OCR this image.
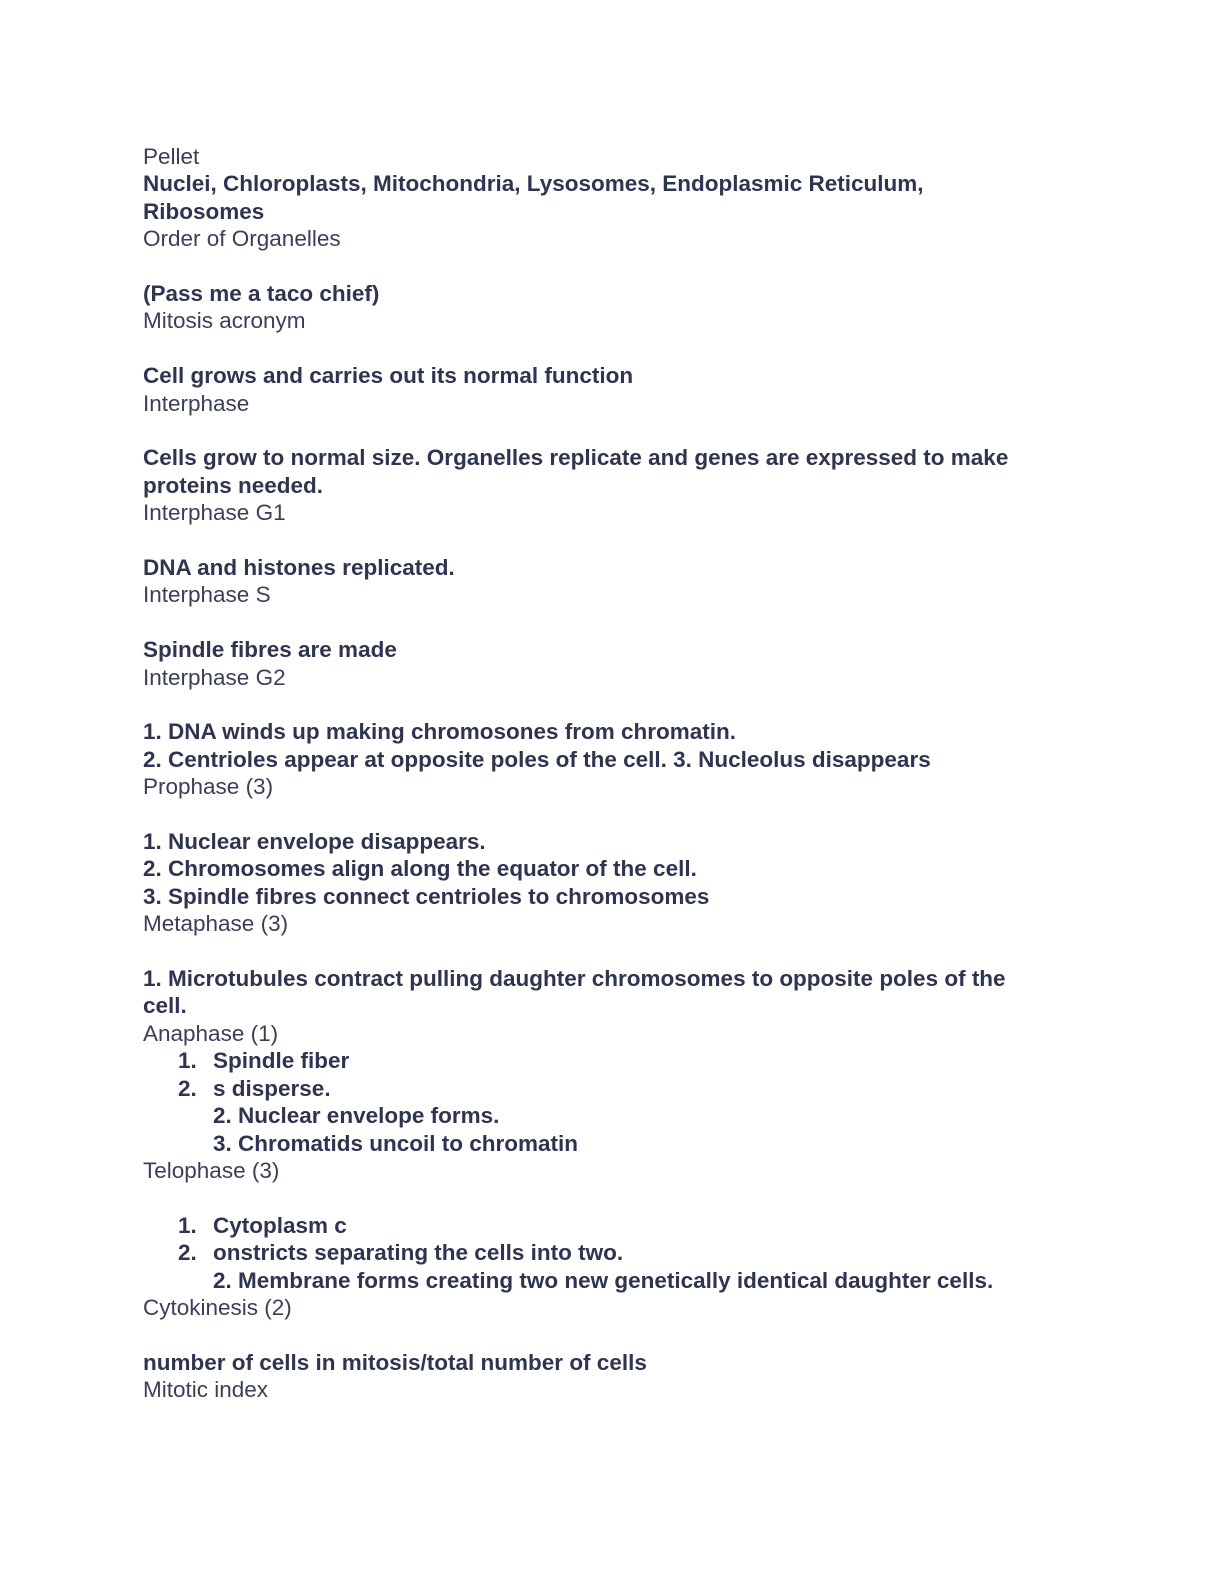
Pellet
Nuclei, Chloroplasts, Mitochondria, Lysosomes, Endoplasmic Reticulum,
Ribosomes
Order of Organelles
(Pass me a taco chief)
Mitosis acronym
Cell grows and carries out its normal function
Interphase
Cells grow to normal size. Organelles replicate and genes are expressed to make
proteins needed.
Interphase G1
DNA and histones replicated.
Interphase S
Spindle fibres are made
Interphase G2
1. DNA winds up making chromosones from chromatin.
2. Centrioles appear at opposite poles of the cell. 3. Nucleolus disappears
Prophase (3)
1. Nuclear envelope disappears.
2. Chromosomes align along the equator of the cell.
3. Spindle fibres connect centrioles to chromosomes
Metaphase (3)
1. Microtubules contract pulling daughter chromosomes to opposite poles of the
cell.
Anaphase (1)
1. Spindle fiber
2. s disperse.
2. Nuclear envelope forms.
3. Chromatids uncoil to chromatin
Telophase (3)
1. Cytoplasm c
2. onstricts separating the cells into two.
2. Membrane forms creating two new genetically identical daughter cells.
Cytokinesis (2)
number of cells in mitosis/total number of cells
Mitotic index
